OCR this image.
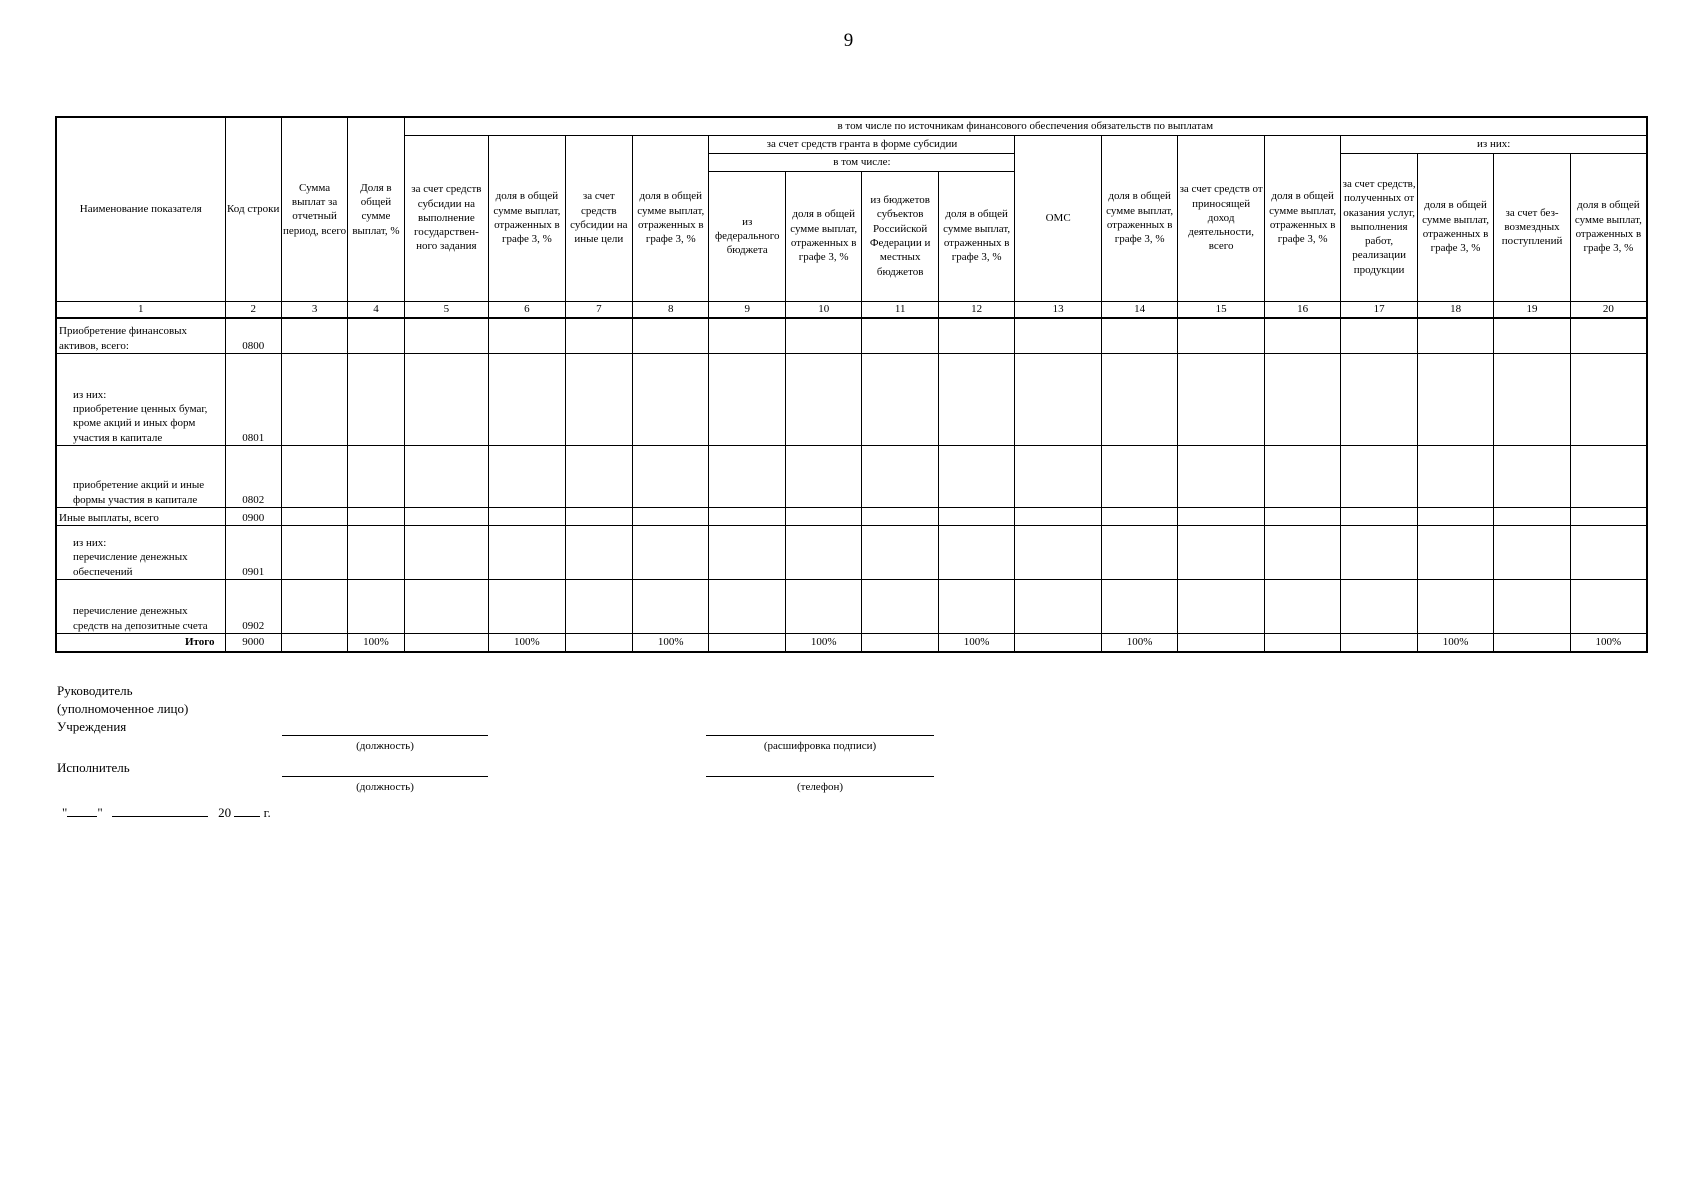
9
Наименование показателя	Код строки	Сумма выплат за отчетный период, всего	Доля в общей сумме выплат, %	в том числе по источникам финансового обеспечения обязательств по выплатам															
				за счет средств субсидии на выполнение государствен-ного задания	доля в общей сумме выплат, отраженных в графе 3, %	за счет средств субсидии на иные цели	доля в общей сумме выплат, отраженных в графе 3, %	за счет средств гранта в форме субсидии				ОМС	доля в общей сумме выплат, отраженных в графе 3, %	за счет средств от приносящей доход деятельности, всего	доля в общей сумме выплат, отраженных в графе 3, %	из них:			
								в том числе:								за счет средств, полученных от оказания услуг, выполнения работ, реализации продукции	доля в общей сумме выплат, отраженных в графе 3, %	за счет без-возмездных поступлений	доля в общей сумме выплат, отраженных в графе 3, %
								из федерального бюджета	доля в общей сумме выплат, отраженных в графе 3, %	из бюджетов субъектов Российской Федерации и местных бюджетов	доля в общей сумме выплат, отраженных в графе 3, %								
1	2	3	4	5	6	7	8	9	10	11	12	13	14	15	16	17	18	19	20
Приобретение финансовых активов, всего:	0800																		
из них:
приобретение ценных бумаг, кроме акций и иных форм участия в капитале	0801																		
приобретение акций и иные формы участия в капитале	0802																		
Иные выплаты, всего	0900																		
из них:
перечисление денежных обеспечений	0901																		
перечисление денежных средств на депозитные счета	0902																		
Итого	9000		100%		100%		100%		100%		100%		100%				100%		100%
Руководитель
(уполномоченное лицо)
Учреждения
(должность)	(расшифровка подписи)
Исполнитель
(должность)	(телефон)
" "	20	г.
